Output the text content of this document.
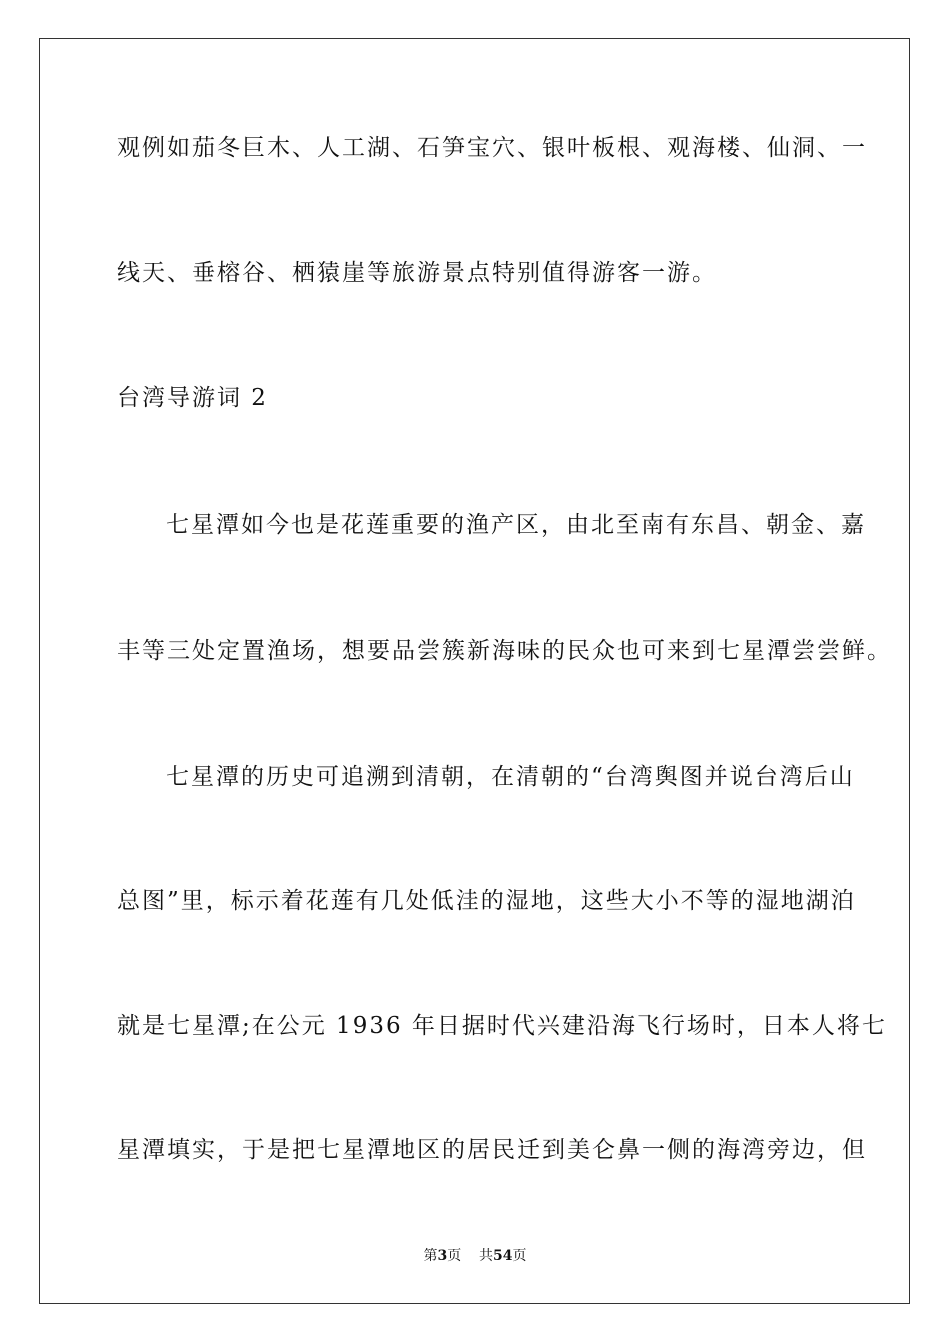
观例如茄冬巨木、人工湖、石笋宝穴、银叶板根、观海楼、仙洞、一
线天、垂榕谷、栖猿崖等旅游景点特别值得游客一游。
台湾导游词 2
七星潭如今也是花莲重要的渔产区，由北至南有东昌、朝金、嘉
丰等三处定置渔场，想要品尝簇新海味的民众也可来到七星潭尝尝鲜。
七星潭的历史可追溯到清朝，在清朝的“台湾舆图并说台湾后山
总图”里，标示着花莲有几处低洼的湿地，这些大小不等的湿地湖泊
就是七星潭;在公元 1936 年日据时代兴建沿海飞行场时，日本人将七
星潭填实，于是把七星潭地区的居民迁到美仑鼻一侧的海湾旁边，但
第3页    共54页
